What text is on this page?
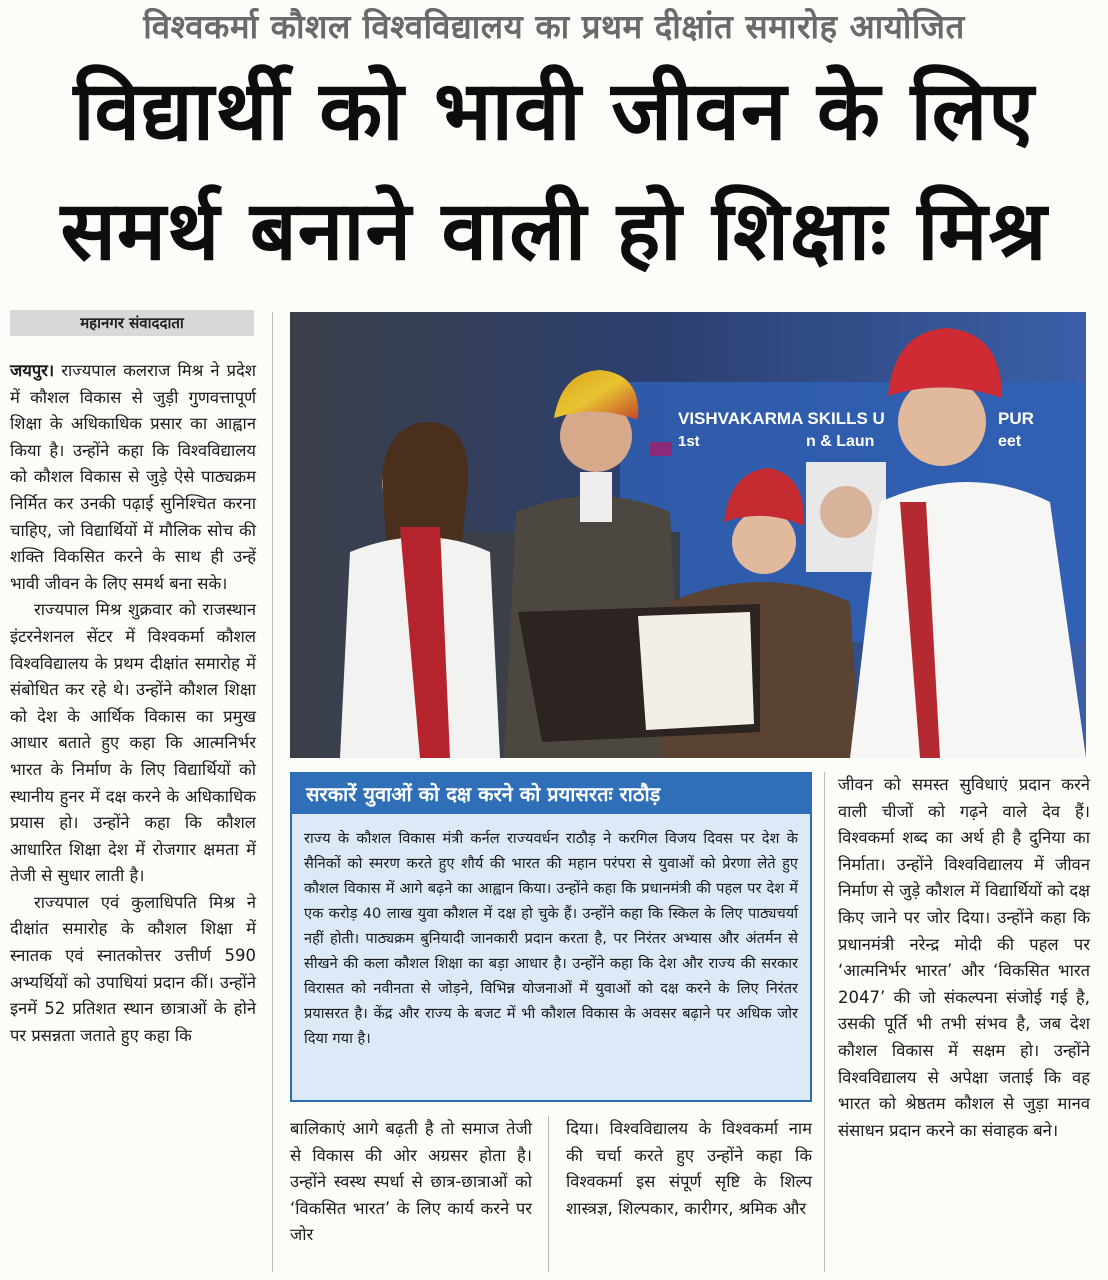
विश्वकर्मा कौशल विश्वविद्यालय का प्रथम दीक्षांत समारोह आयोजित
विद्यार्थी को भावी जीवन के लिए
समर्थ बनाने वाली हो शिक्षाः मिश्र
महानगर संवाददाता

जयपुर। राज्यपाल कलराज मिश्र ने प्रदेश में कौशल विकास से जुड़ी गुणवत्तापूर्ण शिक्षा के अधिकाधिक प्रसार का आह्वान किया है। उन्होंने कहा कि विश्वविद्यालय को कौशल विकास से जुड़े ऐसे पाठ्यक्रम निर्मित कर उनकी पढ़ाई सुनिश्चित करना चाहिए, जो विद्यार्थियों में मौलिक सोच की शक्ति विकसित करने के साथ ही उन्हें भावी जीवन के लिए समर्थ बना सके।

राज्यपाल मिश्र शुक्रवार को राजस्थान इंटरनेशनल सेंटर में विश्वकर्मा कौशल विश्वविद्यालय के प्रथम दीक्षांत समारोह में संबोधित कर रहे थे। उन्होंने कौशल शिक्षा को देश के आर्थिक विकास का प्रमुख आधार बताते हुए कहा कि आत्मनिर्भर भारत के निर्माण के लिए विद्यार्थियों को स्थानीय हुनर में दक्ष करने के अधिकाधिक प्रयास हो। उन्होंने कहा कि कौशल आधारित शिक्षा देश में रोजगार क्षमता में तेजी से सुधार लाती है।

राज्यपाल एवं कुलाधिपति मिश्र ने दीक्षांत समारोह के कौशल शिक्षा में स्नातक एवं स्नातकोत्तर उत्तीर्ण 590 अभ्यर्थियों को उपाधियां प्रदान कीं। उन्होंने इनमें 52 प्रतिशत स्थान छात्राओं के होने पर प्रसन्नता जताते हुए कहा कि

VISHVAKARMA SKILLS U	PUR
1st	n & Laun	eet
सरकारें युवाओं को दक्ष करने को प्रयासरतः राठौड़
राज्य के कौशल विकास मंत्री कर्नल राज्यवर्धन राठौड़ ने करगिल विजय दिवस पर देश के सैनिकों को स्मरण करते हुए शौर्य की भारत की महान परंपरा से युवाओं को प्रेरणा लेते हुए कौशल विकास में आगे बढ़ने का आह्वान किया। उन्होंने कहा कि प्रधानमंत्री की पहल पर देश में एक करोड़ 40 लाख युवा कौशल में दक्ष हो चुके हैं। उन्होंने कहा कि स्किल के लिए पाठ्यचर्या नहीं होती। पाठ्यक्रम बुनियादी जानकारी प्रदान करता है, पर निरंतर अभ्यास और अंतर्मन से सीखने की कला कौशल शिक्षा का बड़ा आधार है। उन्होंने कहा कि देश और राज्य की सरकार विरासत को नवीनता से जोड़ने, विभिन्न योजनाओं में युवाओं को दक्ष करने के लिए निरंतर प्रयासरत है। केंद्र और राज्य के बजट में भी कौशल विकास के अवसर बढ़ाने पर अधिक जोर दिया गया है।
जीवन को समस्त सुविधाएं प्रदान करने वाली चीजों को गढ़ने वाले देव हैं। विश्वकर्मा शब्द का अर्थ ही है दुनिया का निर्माता। उन्होंने विश्वविद्यालय में जीवन निर्माण से जुड़े कौशल में विद्यार्थियों को दक्ष किए जाने पर जोर दिया। उन्होंने कहा कि प्रधानमंत्री नरेन्द्र मोदी की पहल पर ‘आत्मनिर्भर भारत’ और ‘विकसित भारत 2047’ की जो संकल्पना संजोई गई है, उसकी पूर्ति भी तभी संभव है, जब देश कौशल विकास में सक्षम हो। उन्होंने विश्वविद्यालय से अपेक्षा जताई कि वह भारत को श्रेष्ठतम कौशल से जुड़ा मानव संसाधन प्रदान करने का संवाहक बने।
बालिकाएं आगे बढ़ती है तो समाज तेजी से विकास की ओर अग्रसर होता है। उन्होंने स्वस्थ स्पर्धा से छात्र-छात्राओं को ‘विकसित भारत’ के लिए कार्य करने पर जोर
दिया। विश्वविद्यालय के विश्वकर्मा नाम की चर्चा करते हुए उन्होंने कहा कि विश्वकर्मा इस संपूर्ण सृष्टि के शिल्प शास्त्रज्ञ, शिल्पकार, कारीगर, श्रमिक और
